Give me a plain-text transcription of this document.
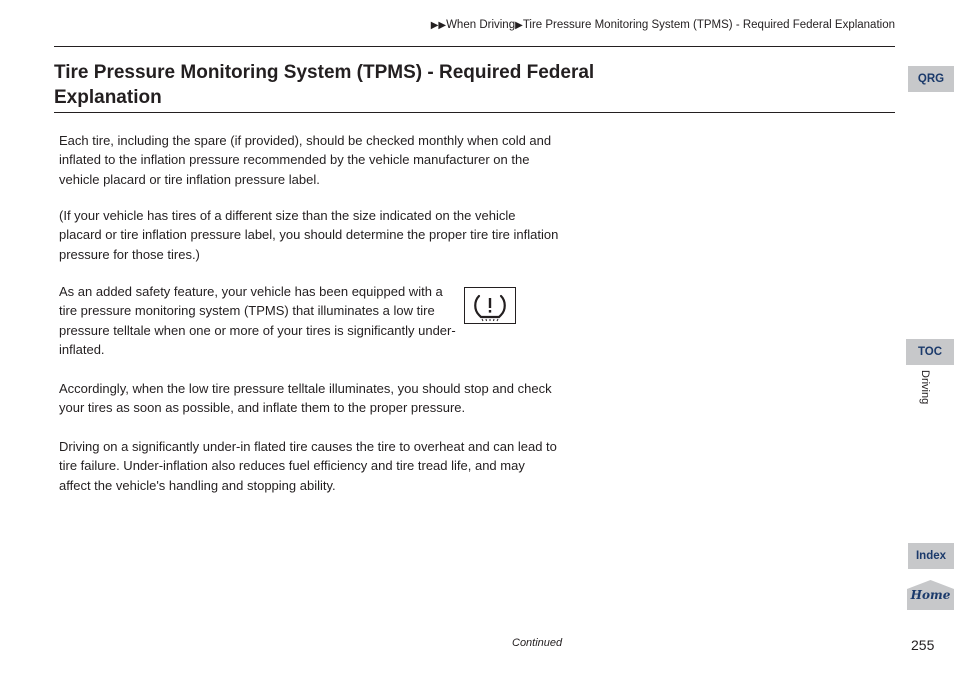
▶▶When Driving▶Tire Pressure Monitoring System (TPMS) - Required Federal Explanation
Tire Pressure Monitoring System (TPMS) - Required Federal Explanation

Each tire, including the spare (if provided), should be checked monthly when cold and inflated to the inflation pressure recommended by the vehicle manufacturer on the vehicle placard or tire inflation pressure label.

(If your vehicle has tires of a different size than the size indicated on the vehicle placard or tire inflation pressure label, you should determine the proper tire tire inflation pressure for those tires.)

As an added safety feature, your vehicle has been equipped with a tire pressure monitoring system (TPMS) that illuminates a low tire pressure telltale when one or more of your tires is significantly under-inflated.

Accordingly, when the low tire pressure telltale illuminates, you should stop and check your tires as soon as possible, and inflate them to the proper pressure.

Driving on a significantly under-in flated tire causes the tire to overheat and can lead to tire failure. Under-inflation also reduces fuel efficiency and tire tread life, and may affect the vehicle's handling and stopping ability.

QRG
TOC
Driving
Index
Home
Continued	255
